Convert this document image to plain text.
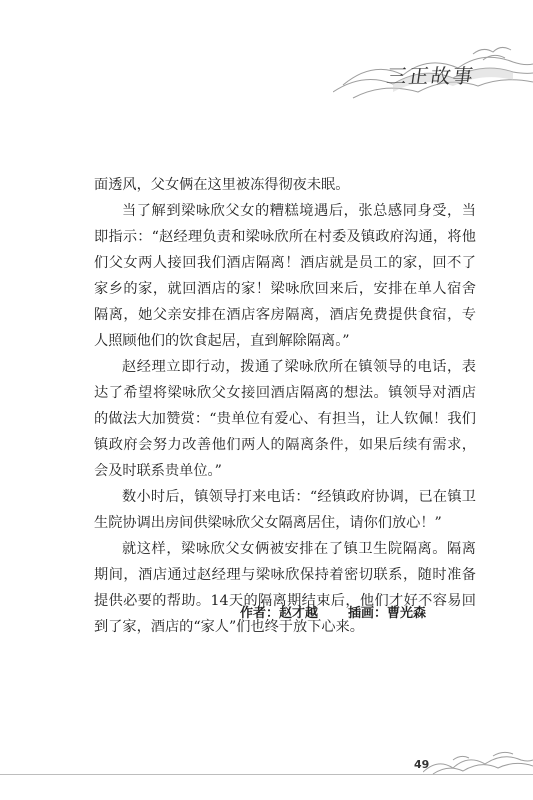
三正故事

面透风，父女俩在这里被冻得彻夜未眠。

当了解到梁咏欣父女的糟糕境遇后，张总感同身受，当即指示：“赵经理负责和梁咏欣所在村委及镇政府沟通，将他们父女两人接回我们酒店隔离！酒店就是员工的家，回不了家乡的家，就回酒店的家！梁咏欣回来后，安排在单人宿舍隔离，她父亲安排在酒店客房隔离，酒店免费提供食宿，专人照顾他们的饮食起居，直到解除隔离。”

赵经理立即行动，拨通了梁咏欣所在镇领导的电话，表达了希望将梁咏欣父女接回酒店隔离的想法。镇领导对酒店的做法大加赞赏：“贵单位有爱心、有担当，让人钦佩！我们镇政府会努力改善他们两人的隔离条件，如果后续有需求，会及时联系贵单位。”

数小时后，镇领导打来电话：“经镇政府协调，已在镇卫生院协调出房间供梁咏欣父女隔离居住，请你们放心！”

就这样，梁咏欣父女俩被安排在了镇卫生院隔离。隔离期间，酒店通过赵经理与梁咏欣保持着密切联系，随时准备提供必要的帮助。14天的隔离期结束后，他们才好不容易回到了家，酒店的“家人”们也终于放下心来。

作者：赵才越 插画：曹光森
49
